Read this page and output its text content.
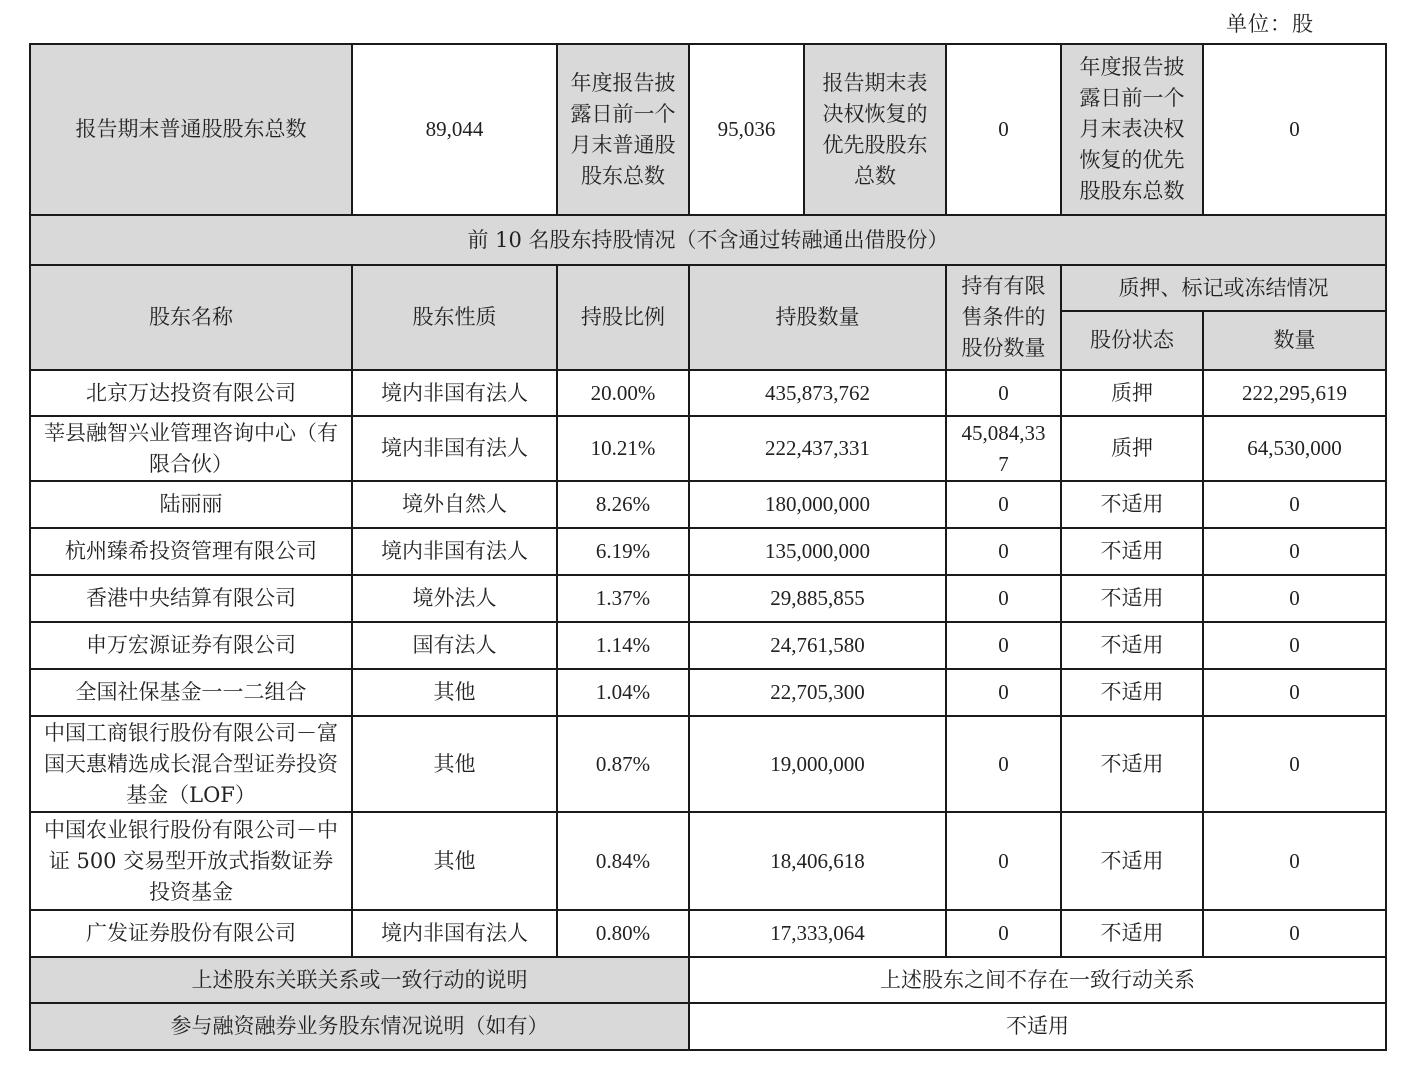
单位：股
报告期末普通股股东总数	89,044	年度报告披露日前一个月末普通股股东总数	95,036	报告期末表决权恢复的优先股股东总数	0	年度报告披露日前一个月末表决权恢复的优先股股东总数	0
前 10 名股东持股情况（不含通过转融通出借股份）							
股东名称	股东性质	持股比例	持股数量		持有有限售条件的股份数量	质押、标记或冻结情况	
						股份状态	数量
北京万达投资有限公司	境内非国有法人	20.00%	435,873,762		0	质押	222,295,619
莘县融智兴业管理咨询中心（有限合伙）	境内非国有法人	10.21%	222,437,331		45,084,337	质押	64,530,000
陆丽丽	境外自然人	8.26%	180,000,000		0	不适用	0
杭州臻希投资管理有限公司	境内非国有法人	6.19%	135,000,000		0	不适用	0
香港中央结算有限公司	境外法人	1.37%	29,885,855		0	不适用	0
申万宏源证券有限公司	国有法人	1.14%	24,761,580		0	不适用	0
全国社保基金一一二组合	其他	1.04%	22,705,300		0	不适用	0
中国工商银行股份有限公司－富国天惠精选成长混合型证券投资基金（LOF）	其他	0.87%	19,000,000		0	不适用	0
中国农业银行股份有限公司－中证 500 交易型开放式指数证券投资基金	其他	0.84%	18,406,618		0	不适用	0
广发证券股份有限公司	境内非国有法人	0.80%	17,333,064		0	不适用	0
上述股东关联关系或一致行动的说明			上述股东之间不存在一致行动关系				
参与融资融券业务股东情况说明（如有）			不适用				
